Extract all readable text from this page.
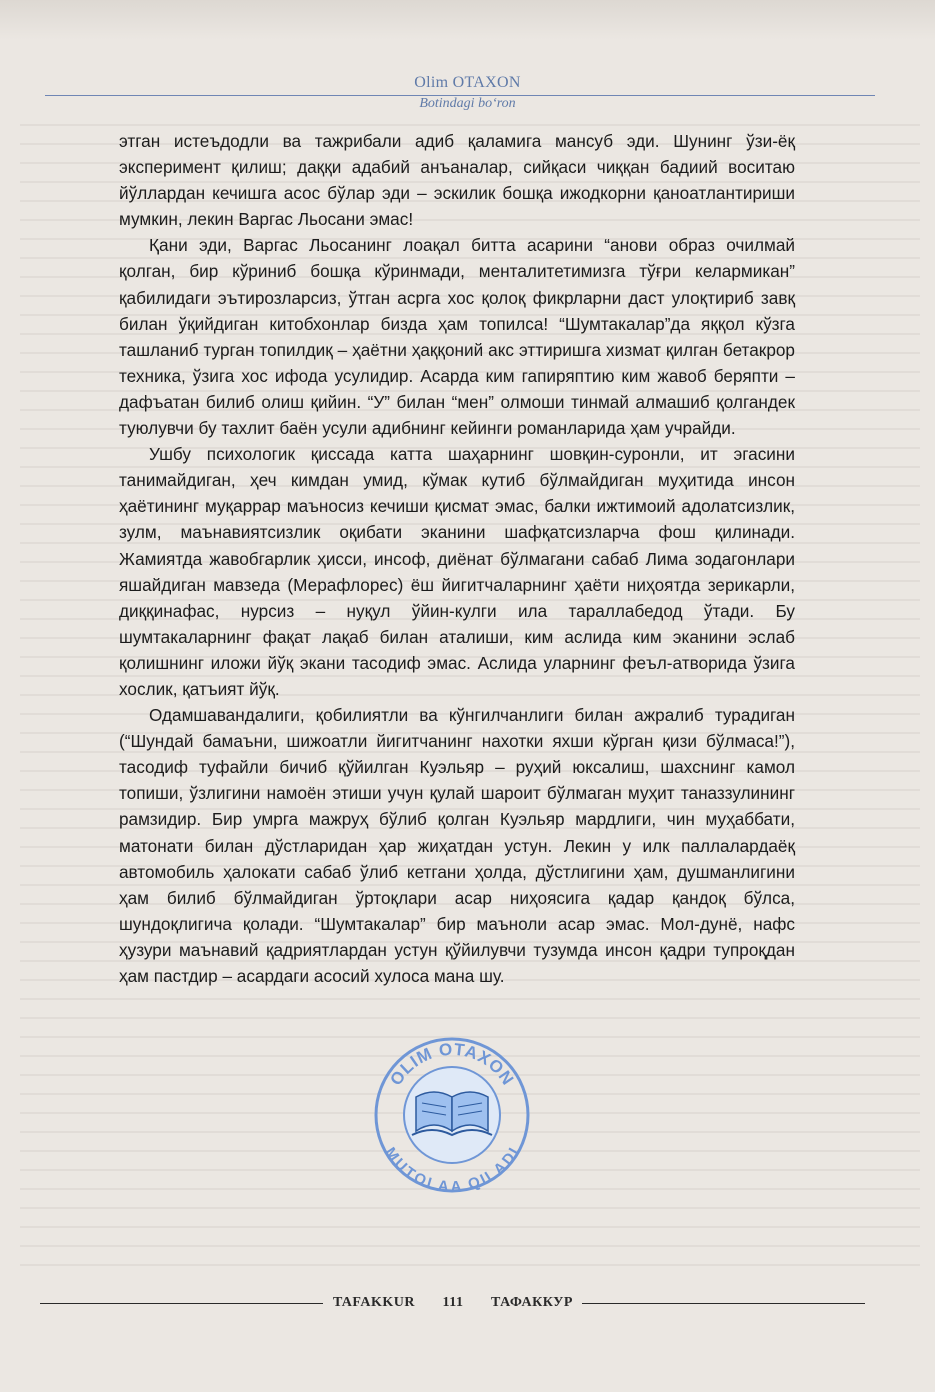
Olim OTAXON
Botindagi bo‘ron

этган истеъдодли ва тажрибали адиб қаламига мансуб эди. Шунинг ўзи-ёқ эксперимент қилиш; даққи адабий анъаналар, сийқаси чиққан бадиий воситаю йўллардан кечишга асос бўлар эди – эскилик бошқа ижодкорни қаноатлантириши мумкин, лекин Варгас Льосани эмас!

Қани эди, Варгас Льосанинг лоақал битта асарини “анови образ очилмай қолган, бир кўриниб бошқа кўринмади, менталитетимизга тўғри келармикан” қабилидаги эътирозларсиз, ўтган асрга хос қолоқ фикрларни даст улоқтириб завқ билан ўқийдиган китобхонлар бизда ҳам топилса! “Шумтакалар”да яққол кўзга ташланиб турган топилдиқ – ҳаётни ҳаққоний акс эттиришга хизмат қилган бетакрор техника, ўзига хос ифода усулидир. Асарда ким гапиряптию ким жавоб беряпти – дафъатан билиб олиш қийин. “У” билан “мен” олмоши тинмай алмашиб қолгандек туюлувчи бу тахлит баён усули адибнинг кейинги романларида ҳам учрайди.

Ушбу психологик қиссада катта шаҳарнинг шовқин-суронли, ит эгасини танимайдиган, ҳеч кимдан умид, кўмак кутиб бўлмайдиган муҳитида инсон ҳаётининг муқаррар маъносиз кечиши қисмат эмас, балки ижтимоий адолатсизлик, зулм, маънавиятсизлик оқибати эканини шафқатсизларча фош қилинади. Жамиятда жавобгарлик ҳисси, инсоф, диёнат бўлмагани сабаб Лима зодагонлари яшайдиган мавзеда (Мерафлорес) ёш йигитчаларнинг ҳаёти ниҳоятда зерикарли, диққинафас, нурсиз – нуқул ўйин-кулги ила тараллабедод ўтади. Бу шумтакаларнинг фақат лақаб билан аталиши, ким аслида ким эканини эслаб қолишнинг иложи йўқ экани тасодиф эмас. Аслида уларнинг феъл-атворида ўзига хослик, қатъият йўқ.

Одамшавандалиги, қобилиятли ва кўнгилчанлиги билан ажралиб турадиган (“Шундай бамаъни, шижоатли йигитчанинг нахотки яхши кўрган қизи бўлмаса!”), тасодиф туфайли бичиб қўйилган Куэльяр – руҳий юксалиш, шахснинг камол топиши, ўзлигини намоён этиши учун қулай шароит бўлмаган муҳит таназзулининг рамзидир. Бир умрга мажруҳ бўлиб қолган Куэльяр мардлиги, чин муҳаббати, матонати билан дўстларидан ҳар жиҳатдан устун. Лекин у илк паллалардаёқ автомобиль ҳалокати сабаб ўлиб кетгани ҳолда, дўстлигини ҳам, душманлигини ҳам билиб бўлмайдиган ўртоқлари асар ниҳоясига қадар қандоқ бўлса, шундоқлигича қолади. “Шумтакалар” бир маъноли асар эмас. Мол-дунё, нафс ҳузури маънавий қадриятлардан устун қўйилувчи тузумда инсон қадри тупроқдан ҳам пастдир – асардаги асосий хулоса мана шу.

OLIM OTAXON
MUTOLAA QILADI
TAFAKKUR 111 ТАФАККУР
